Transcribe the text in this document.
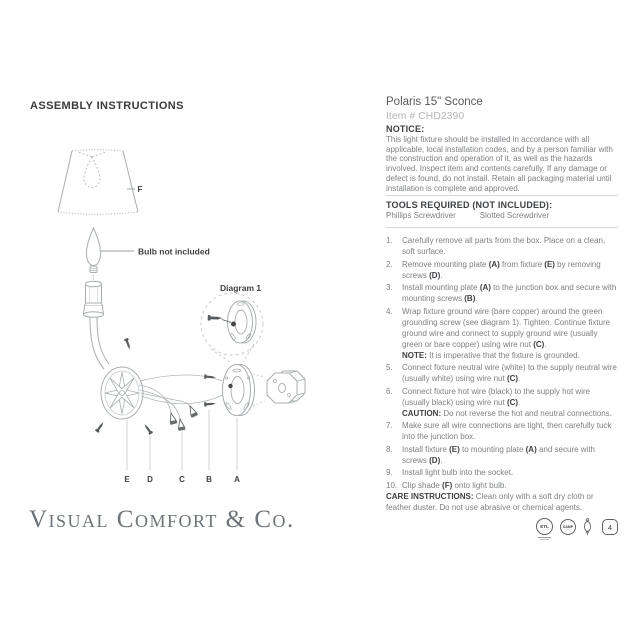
ASSEMBLY INSTRUCTIONS
F
Bulb not included
Diagram 1
E D	C	B	A
Visual Comfort & Co.
Polaris 15" Sconce
Item # CHD2390
NOTICE:
This light fixture should be installed in accordance with all applicable, local installation codes, and by a person familiar with the construction and operation of it, as well as the hazards involved. Inspect item and contents carefully. If any damage or defect is found, do not install. Retain all packaging material until installation is complete and approved.
TOOLS REQUIRED (NOT INCLUDED):
Phillips Screwdriver	Slotted Screwdriver
1.	Carefully remove all parts from the box. Place on a clean, soft surface.
2.	Remove mounting plate (A) from fixture (E) by removing screws (D).
3.	Install mounting plate (A) to the junction box and secure with mounting screws (B).
4.	Wrap fixture ground wire (bare copper) around the green grounding screw (see diagram 1). Tighten. Continue fixture ground wire and connect to supply ground wire (usually green or bare copper) using wire nut (C).
NOTE: It is imperative that the fixture is grounded.
5.	Connect fixture neutral wire (white) to the supply neutral wire (usually white) using wire nut (C).
6.	Connect fixture hot wire (black) to the supply hot wire (usually black) using wire nut (C).
CAUTION: Do not reverse the hot and neutral connections.
7.	Make sure all wire connections are tight, then carefully tuck into the junction box.
8.	Install fixture (E) to mounting plate (A) and secure with screws (D).
9.	Install light bulb into the socket.
10. Clip shade (F) onto light bulb.
CARE INSTRUCTIONS: Clean only with a soft dry cloth or feather duster. Do not use abrasive or chemical agents.
ETL	DAMP	4
